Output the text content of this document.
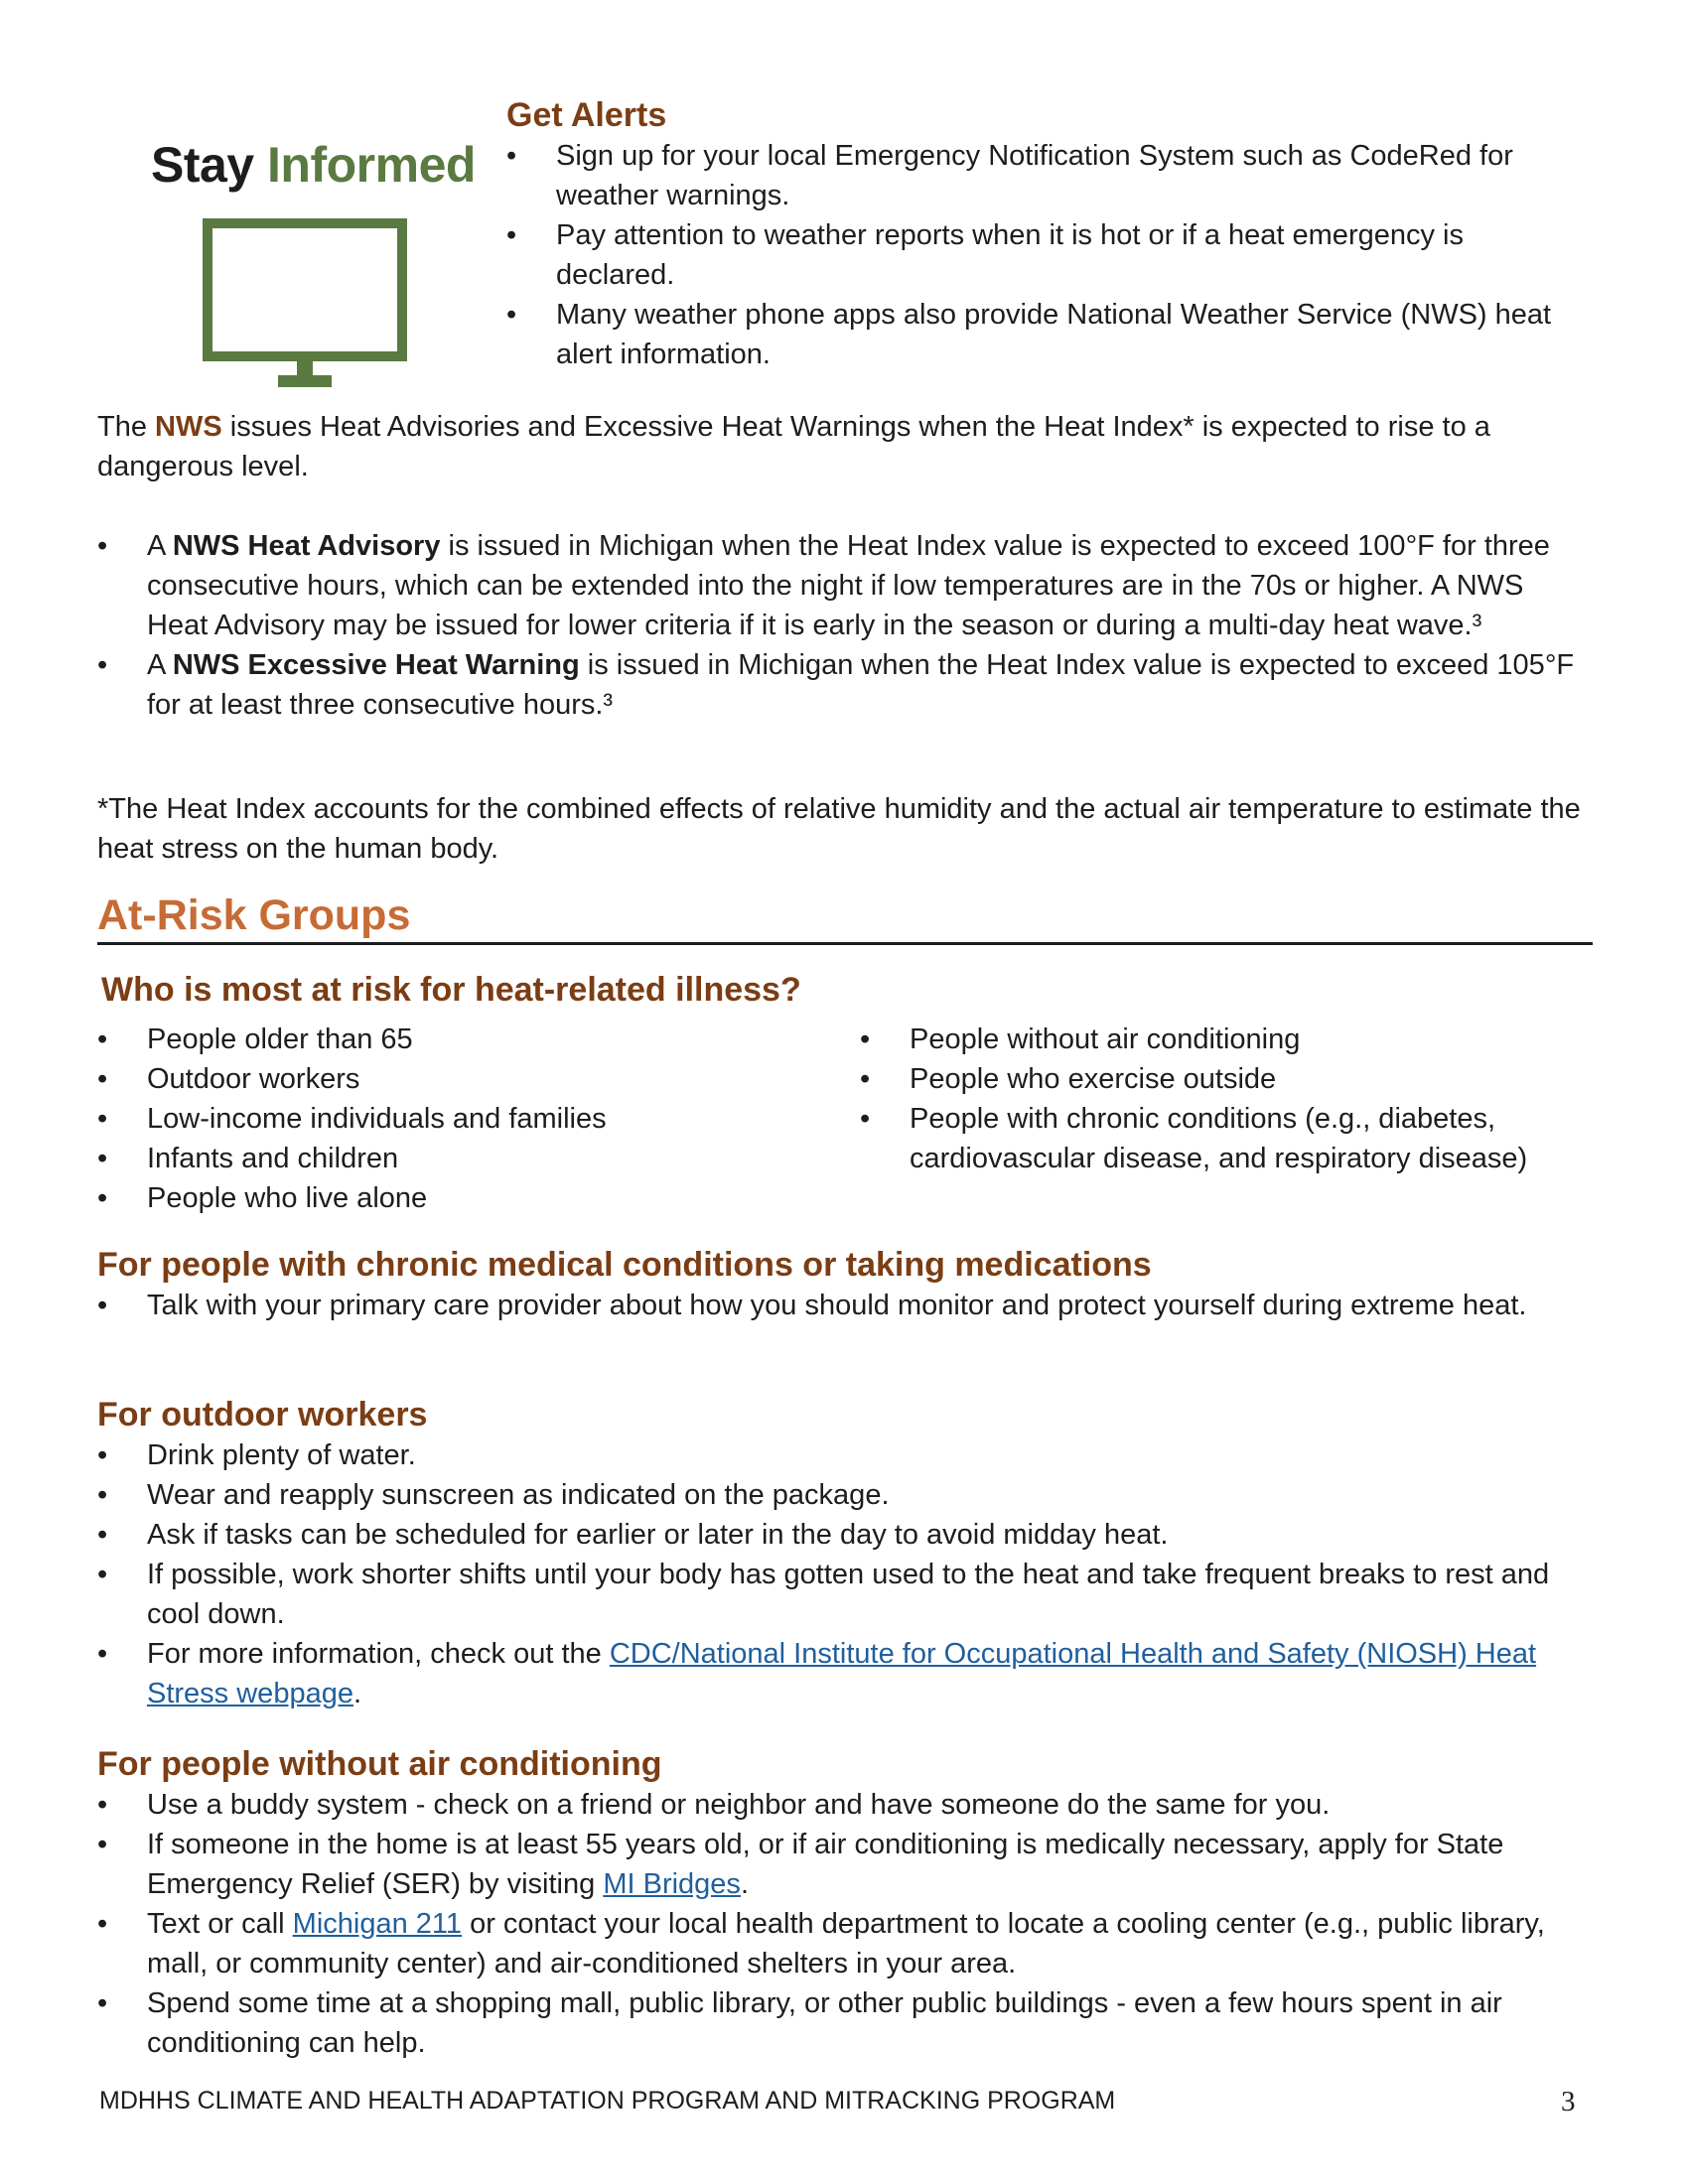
Stay Informed
Get Alerts
• Sign up for your local Emergency Notification System such as CodeRed for weather warnings.
• Pay attention to weather reports when it is hot or if a heat emergency is declared.
• Many weather phone apps also provide National Weather Service (NWS) heat alert information.

The NWS issues Heat Advisories and Excessive Heat Warnings when the Heat Index* is expected to rise to a dangerous level.

• A NWS Heat Advisory is issued in Michigan when the Heat Index value is expected to exceed 100°F for three consecutive hours, which can be extended into the night if low temperatures are in the 70s or higher. A NWS Heat Advisory may be issued for lower criteria if it is early in the season or during a multi-day heat wave.³
• A NWS Excessive Heat Warning is issued in Michigan when the Heat Index value is expected to exceed 105°F for at least three consecutive hours.³

*The Heat Index accounts for the combined effects of relative humidity and the actual air temperature to estimate the heat stress on the human body.

At-Risk Groups
Who is most at risk for heat-related illness?
• People older than 65
• Outdoor workers
• Low-income individuals and families
• Infants and children
• People who live alone
• People without air conditioning
• People who exercise outside
• People with chronic conditions (e.g., diabetes, cardiovascular disease, and respiratory disease)
For people with chronic medical conditions or taking medications
• Talk with your primary care provider about how you should monitor and protect yourself during extreme heat.
For outdoor workers
• Drink plenty of water.
• Wear and reapply sunscreen as indicated on the package.
• Ask if tasks can be scheduled for earlier or later in the day to avoid midday heat.
• If possible, work shorter shifts until your body has gotten used to the heat and take frequent breaks to rest and cool down.
• For more information, check out the CDC/National Institute for Occupational Health and Safety (NIOSH) Heat Stress webpage.
For people without air conditioning
• Use a buddy system - check on a friend or neighbor and have someone do the same for you.
• If someone in the home is at least 55 years old, or if air conditioning is medically necessary, apply for State Emergency Relief (SER) by visiting MI Bridges.
• Text or call Michigan 211 or contact your local health department to locate a cooling center (e.g., public library, mall, or community center) and air-conditioned shelters in your area.
• Spend some time at a shopping mall, public library, or other public buildings - even a few hours spent in air conditioning can help.
MDHHS CLIMATE AND HEALTH ADAPTATION PROGRAM AND MITRACKING PROGRAM	3
